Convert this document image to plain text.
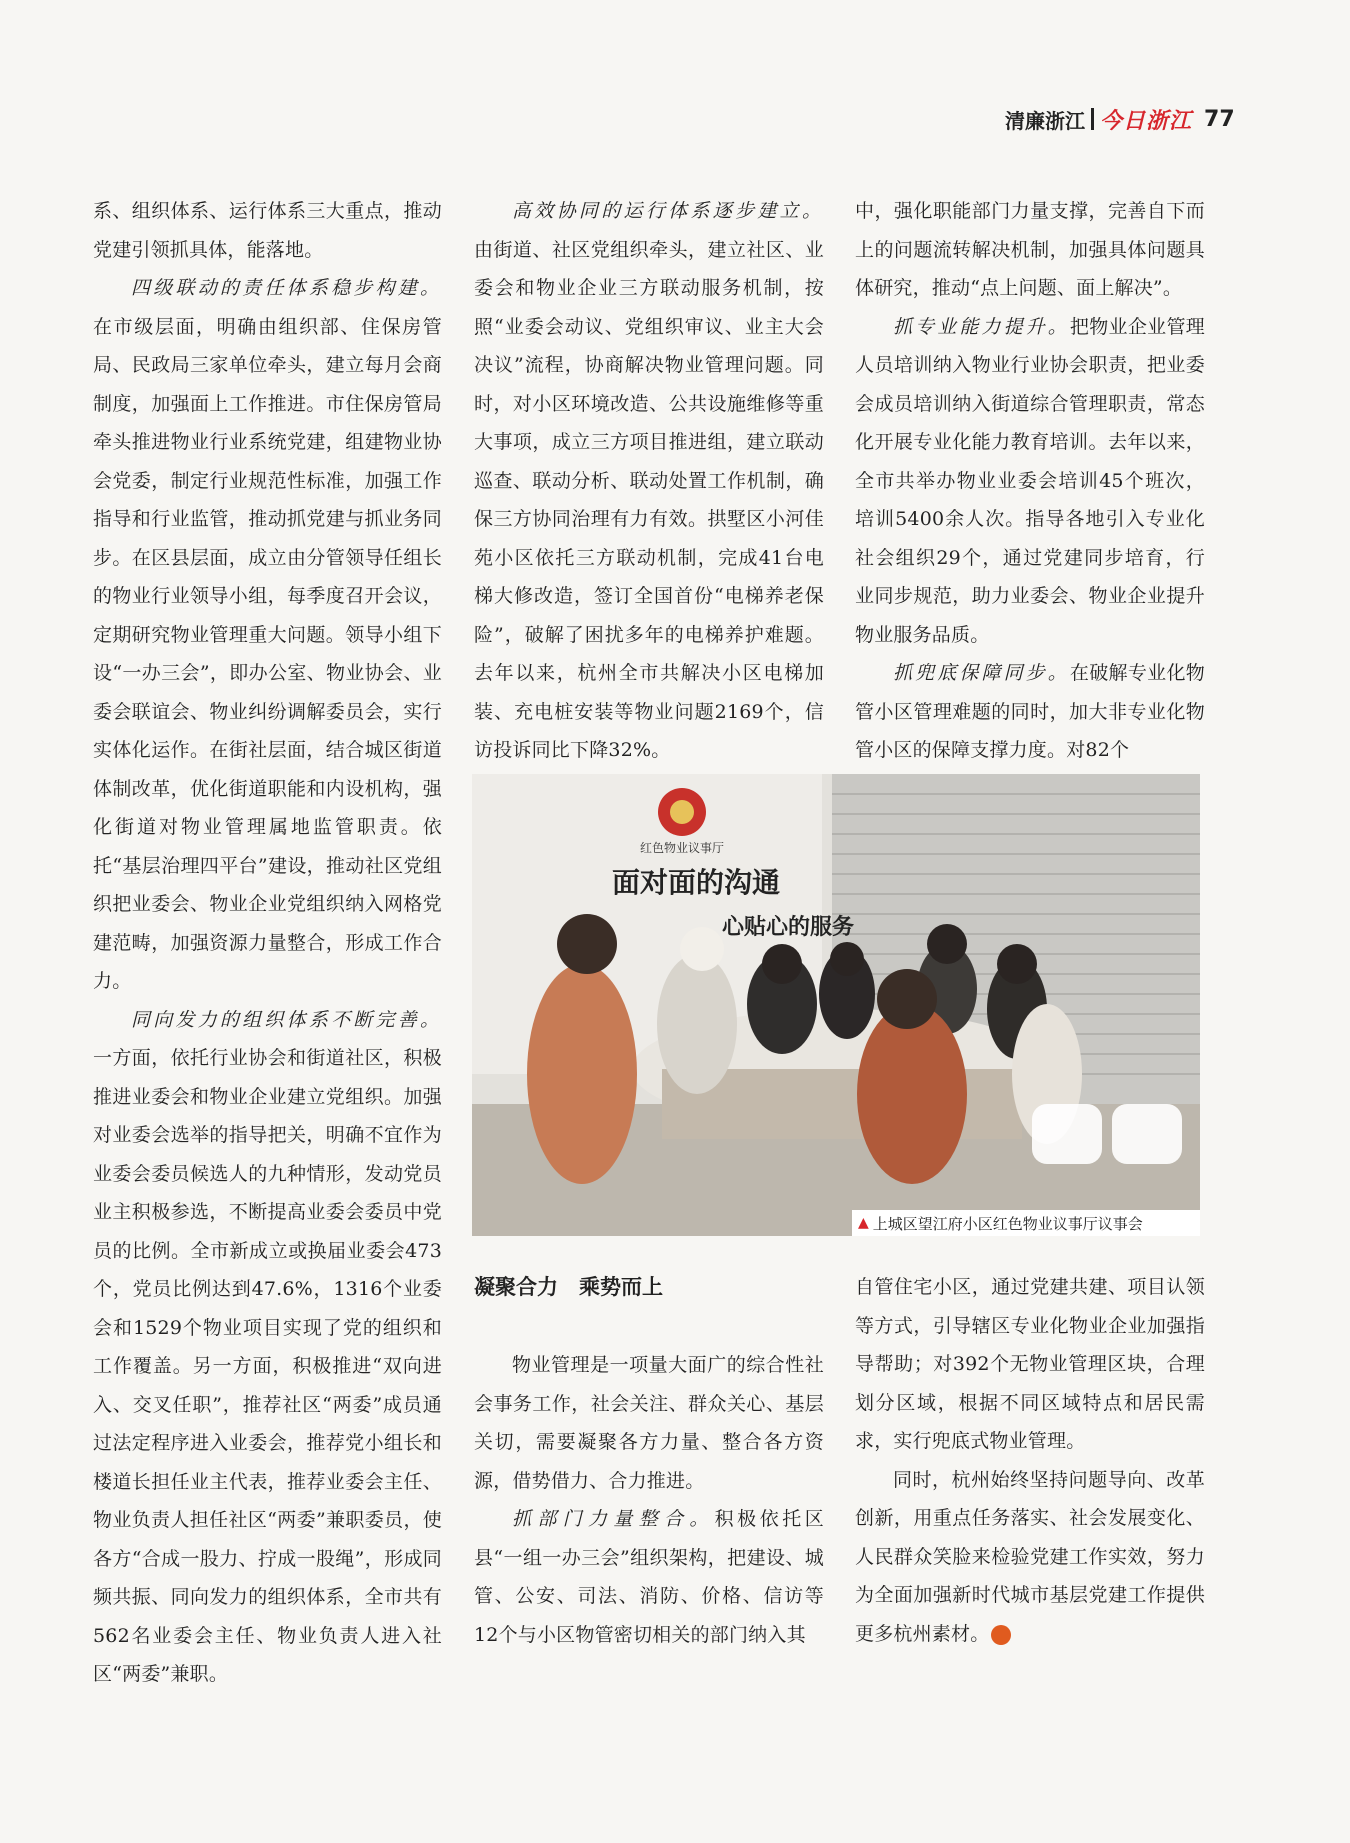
清廉浙江 今日浙江 77

系、组织体系、运行体系三大重点，推动党建引领抓具体，能落地。

四级联动的责任体系稳步构建。在市级层面，明确由组织部、住保房管局、民政局三家单位牵头，建立每月会商制度，加强面上工作推进。市住保房管局牵头推进物业行业系统党建，组建物业协会党委，制定行业规范性标准，加强工作指导和行业监管，推动抓党建与抓业务同步。在区县层面，成立由分管领导任组长的物业行业领导小组，每季度召开会议，定期研究物业管理重大问题。领导小组下设“一办三会”，即办公室、物业协会、业委会联谊会、物业纠纷调解委员会，实行实体化运作。在街社层面，结合城区街道体制改革，优化街道职能和内设机构，强化街道对物业管理属地监管职责。依托“基层治理四平台”建设，推动社区党组织把业委会、物业企业党组织纳入网格党建范畴，加强资源力量整合，形成工作合力。

同向发力的组织体系不断完善。一方面，依托行业协会和街道社区，积极推进业委会和物业企业建立党组织。加强对业委会选举的指导把关，明确不宜作为业委会委员候选人的九种情形，发动党员业主积极参选，不断提高业委会委员中党员的比例。全市新成立或换届业委会473个，党员比例达到47.6%，1316个业委会和1529个物业项目实现了党的组织和工作覆盖。另一方面，积极推进“双向进入、交叉任职”，推荐社区“两委”成员通过法定程序进入业委会，推荐党小组长和楼道长担任业主代表，推荐业委会主任、物业负责人担任社区“两委”兼职委员，使各方“合成一股力、拧成一股绳”，形成同频共振、同向发力的组织体系，全市共有562名业委会主任、物业负责人进入社区“两委”兼职。

高效协同的运行体系逐步建立。由街道、社区党组织牵头，建立社区、业委会和物业企业三方联动服务机制，按照“业委会动议、党组织审议、业主大会决议”流程，协商解决物业管理问题。同时，对小区环境改造、公共设施维修等重大事项，成立三方项目推进组，建立联动巡查、联动分析、联动处置工作机制，确保三方协同治理有力有效。拱墅区小河佳苑小区依托三方联动机制，完成41台电梯大修改造，签订全国首份“电梯养老保险”，破解了困扰多年的电梯养护难题。去年以来，杭州全市共解决小区电梯加装、充电桩安装等物业问题2169个，信访投诉同比下降32%。

中，强化职能部门力量支撑，完善自下而上的问题流转解决机制，加强具体问题具体研究，推动“点上问题、面上解决”。

抓专业能力提升。把物业企业管理人员培训纳入物业行业协会职责，把业委会成员培训纳入街道综合管理职责，常态化开展专业化能力教育培训。去年以来，全市共举办物业业委会培训45个班次，培训5400余人次。指导各地引入专业化社会组织29个，通过党建同步培育，行业同步规范，助力业委会、物业企业提升物业服务品质。

抓兜底保障同步。在破解专业化物管小区管理难题的同时，加大非专业化物管小区的保障支撑力度。对82个

红色物业议事厅
面对面的沟通
心贴心的服务
▲ 上城区望江府小区红色物业议事厅议事会
凝聚合力　乘势而上

物业管理是一项量大面广的综合性社会事务工作，社会关注、群众关心、基层关切，需要凝聚各方力量、整合各方资源，借势借力、合力推进。

抓部门力量整合。积极依托区县“一组一办三会”组织架构，把建设、城管、公安、司法、消防、价格、信访等12个与小区物管密切相关的部门纳入其

自管住宅小区，通过党建共建、项目认领等方式，引导辖区专业化物业企业加强指导帮助；对392个无物业管理区块，合理划分区域，根据不同区域特点和居民需求，实行兜底式物业管理。

同时，杭州始终坚持问题导向、改革创新，用重点任务落实、社会发展变化、人民群众笑脸来检验党建工作实效，努力为全面加强新时代城市基层党建工作提供更多杭州素材。
